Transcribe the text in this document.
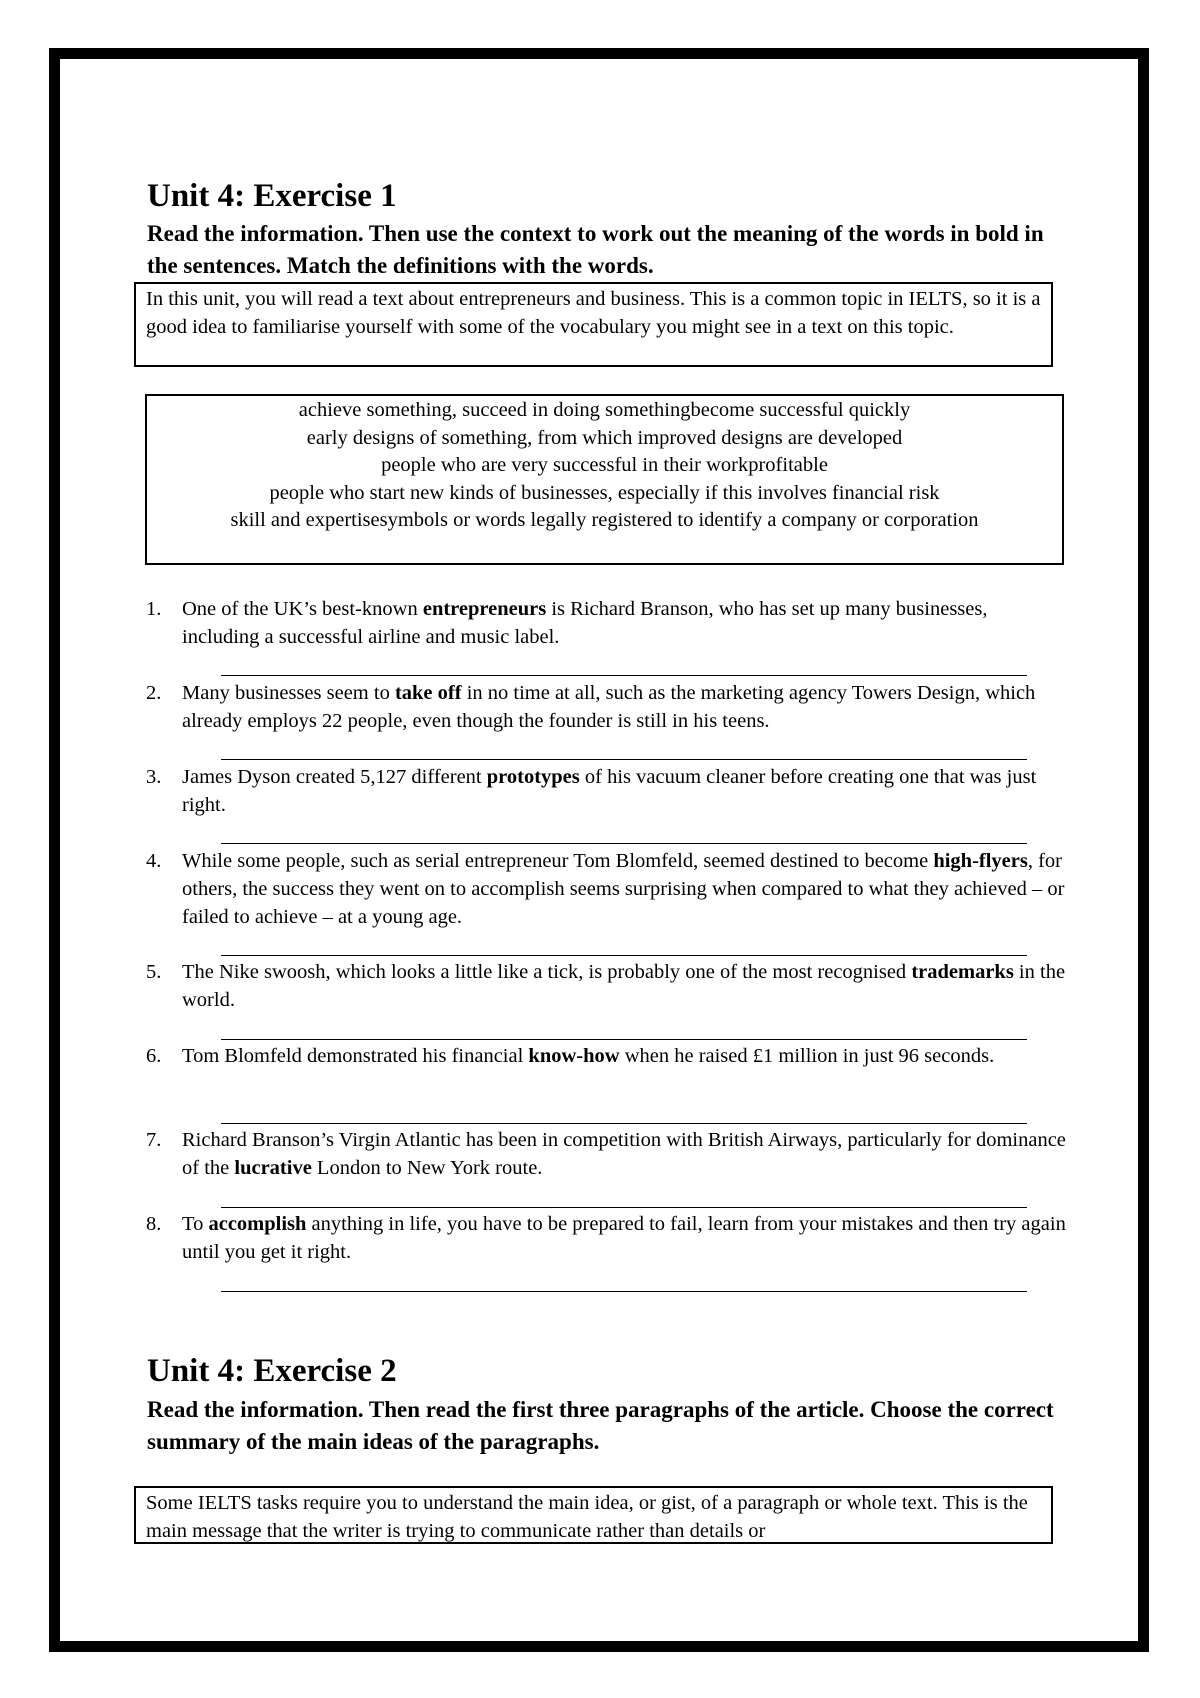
Unit 4: Exercise 1

Read the information. Then use the context to work out the meaning of the words in bold in the sentences. Match the definitions with the words.

In this unit, you will read a text about entrepreneurs and business. This is a common topic in IELTS, so it is a good idea to familiarise yourself with some of the vocabulary you might see in a text on this topic.
achieve something, succeed in doing somethingbecome successful quickly
early designs of something, from which improved designs are developed
people who are very successful in their workprofitable
people who start new kinds of businesses, especially if this involves financial risk
skill and expertisesymbols or words legally registered to identify a company or corporation
1. One of the UK’s best-known entrepreneurs is Richard Branson, who has set up many businesses, including a successful airline and music label.
2. Many businesses seem to take off in no time at all, such as the marketing agency Towers Design, which already employs 22 people, even though the founder is still in his teens.
3. James Dyson created 5,127 different prototypes of his vacuum cleaner before creating one that was just right.
4. While some people, such as serial entrepreneur Tom Blomfeld, seemed destined to become high-flyers, for others, the success they went on to accomplish seems surprising when compared to what they achieved – or failed to achieve – at a young age.
5. The Nike swoosh, which looks a little like a tick, is probably one of the most recognised trademarks in the world.
6. Tom Blomfeld demonstrated his financial know-how when he raised £1 million in just 96 seconds.
7. Richard Branson’s Virgin Atlantic has been in competition with British Airways, particularly for dominance of the lucrative London to New York route.
8. To accomplish anything in life, you have to be prepared to fail, learn from your mistakes and then try again until you get it right.
Unit 4: Exercise 2

Read the information. Then read the first three paragraphs of the article. Choose the correct summary of the main ideas of the paragraphs.

Some IELTS tasks require you to understand the main idea, or gist, of a paragraph or whole text. This is the main message that the writer is trying to communicate rather than details or
